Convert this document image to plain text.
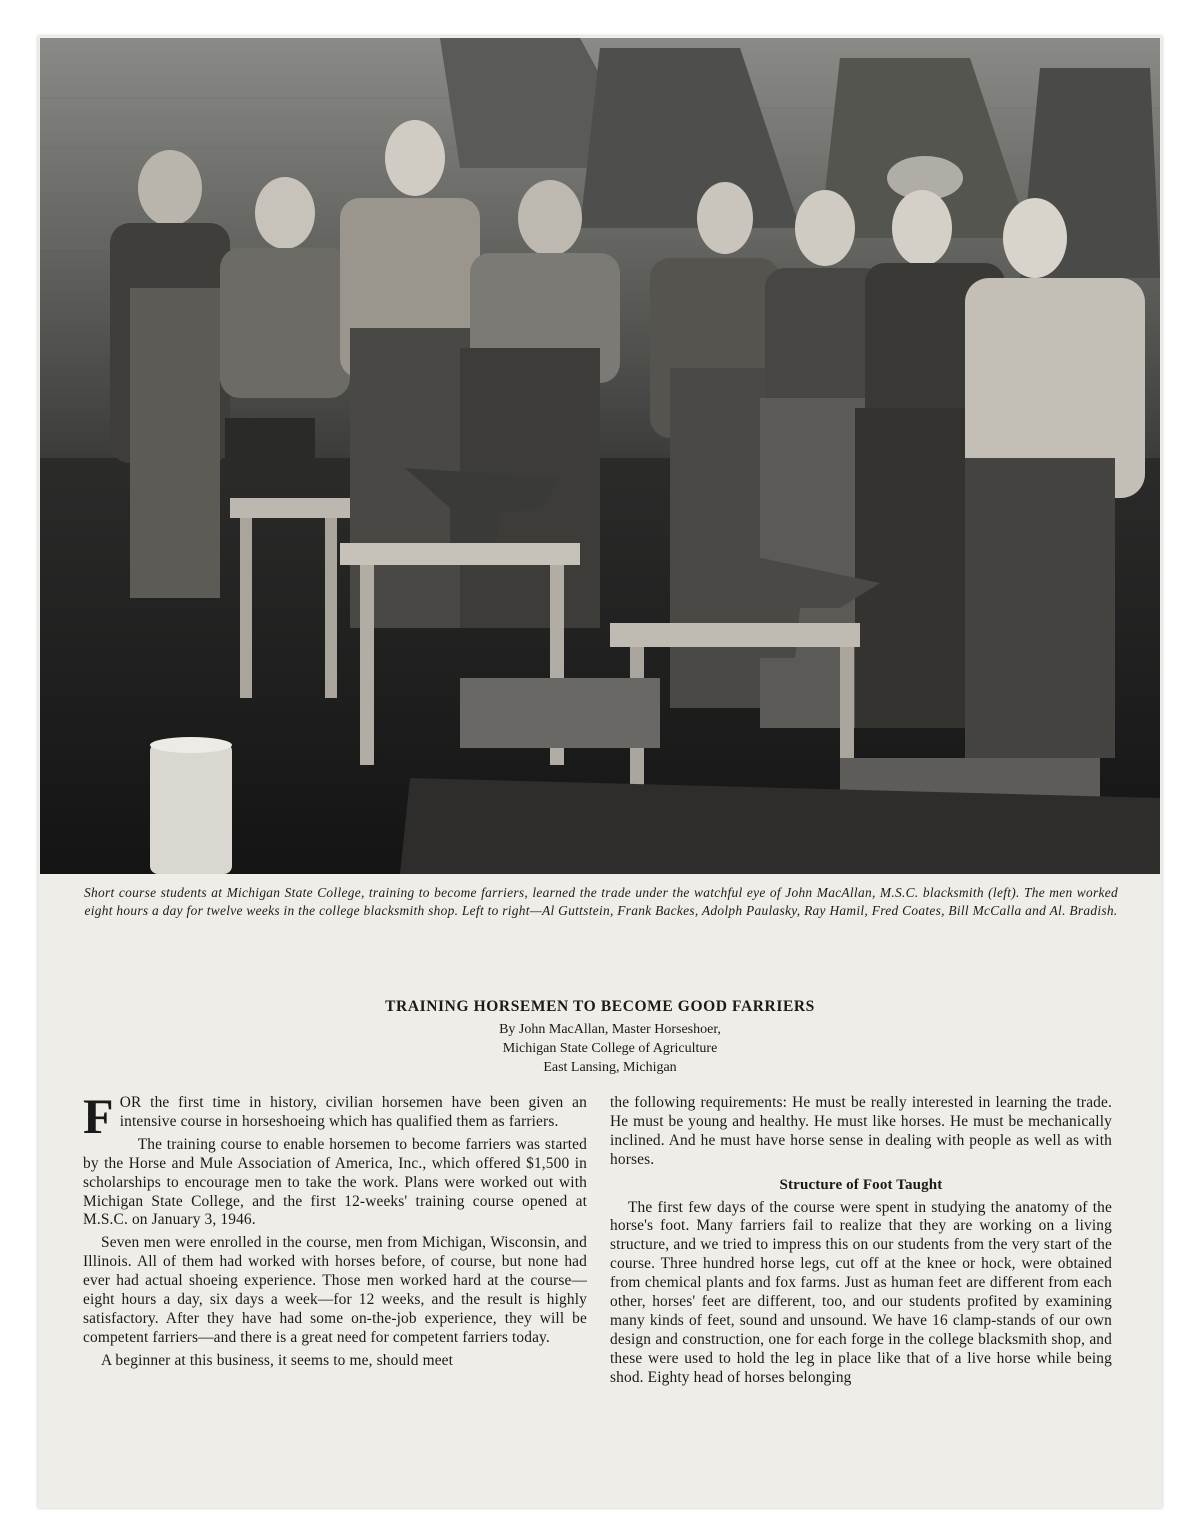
Short course students at Michigan State College, training to become farriers, learned the trade under the watchful eye of John MacAllan, M.S.C. blacksmith (left). The men worked eight hours a day for twelve weeks in the college blacksmith shop. Left to right—Al Guttstein, Frank Backes, Adolph Paulasky, Ray Hamil, Fred Coates, Bill McCalla and Al. Bradish.
TRAINING HORSEMEN TO BECOME GOOD FARRIERS
By John MacAllan, Master Horseshoer,
Michigan State College of Agriculture
East Lansing, Michigan

FOR the first time in history, civilian horsemen have been given an intensive course in horseshoeing which has qualified them as farriers.

The training course to enable horsemen to become farriers was started by the Horse and Mule Association of America, Inc., which offered $1,500 in scholarships to encourage men to take the work. Plans were worked out with Michigan State College, and the first 12-weeks' training course opened at M.S.C. on January 3, 1946.

Seven men were enrolled in the course, men from Michigan, Wisconsin, and Illinois. All of them had worked with horses before, of course, but none had ever had actual shoeing experience. Those men worked hard at the course—eight hours a day, six days a week—for 12 weeks, and the result is highly satisfactory. After they have had some on-the-job experience, they will be competent farriers—and there is a great need for competent farriers today.

A beginner at this business, it seems to me, should meet

the following requirements: He must be really interested in learning the trade. He must be young and healthy. He must like horses. He must be mechanically inclined. And he must have horse sense in dealing with people as well as with horses.

Structure of Foot Taught

The first few days of the course were spent in studying the anatomy of the horse's foot. Many farriers fail to realize that they are working on a living structure, and we tried to impress this on our students from the very start of the course. Three hundred horse legs, cut off at the knee or hock, were obtained from chemical plants and fox farms. Just as human feet are different from each other, horses' feet are different, too, and our students profited by examining many kinds of feet, sound and unsound. We have 16 clamp-stands of our own design and construction, one for each forge in the college blacksmith shop, and these were used to hold the leg in place like that of a live horse while being shod. Eighty head of horses belonging
